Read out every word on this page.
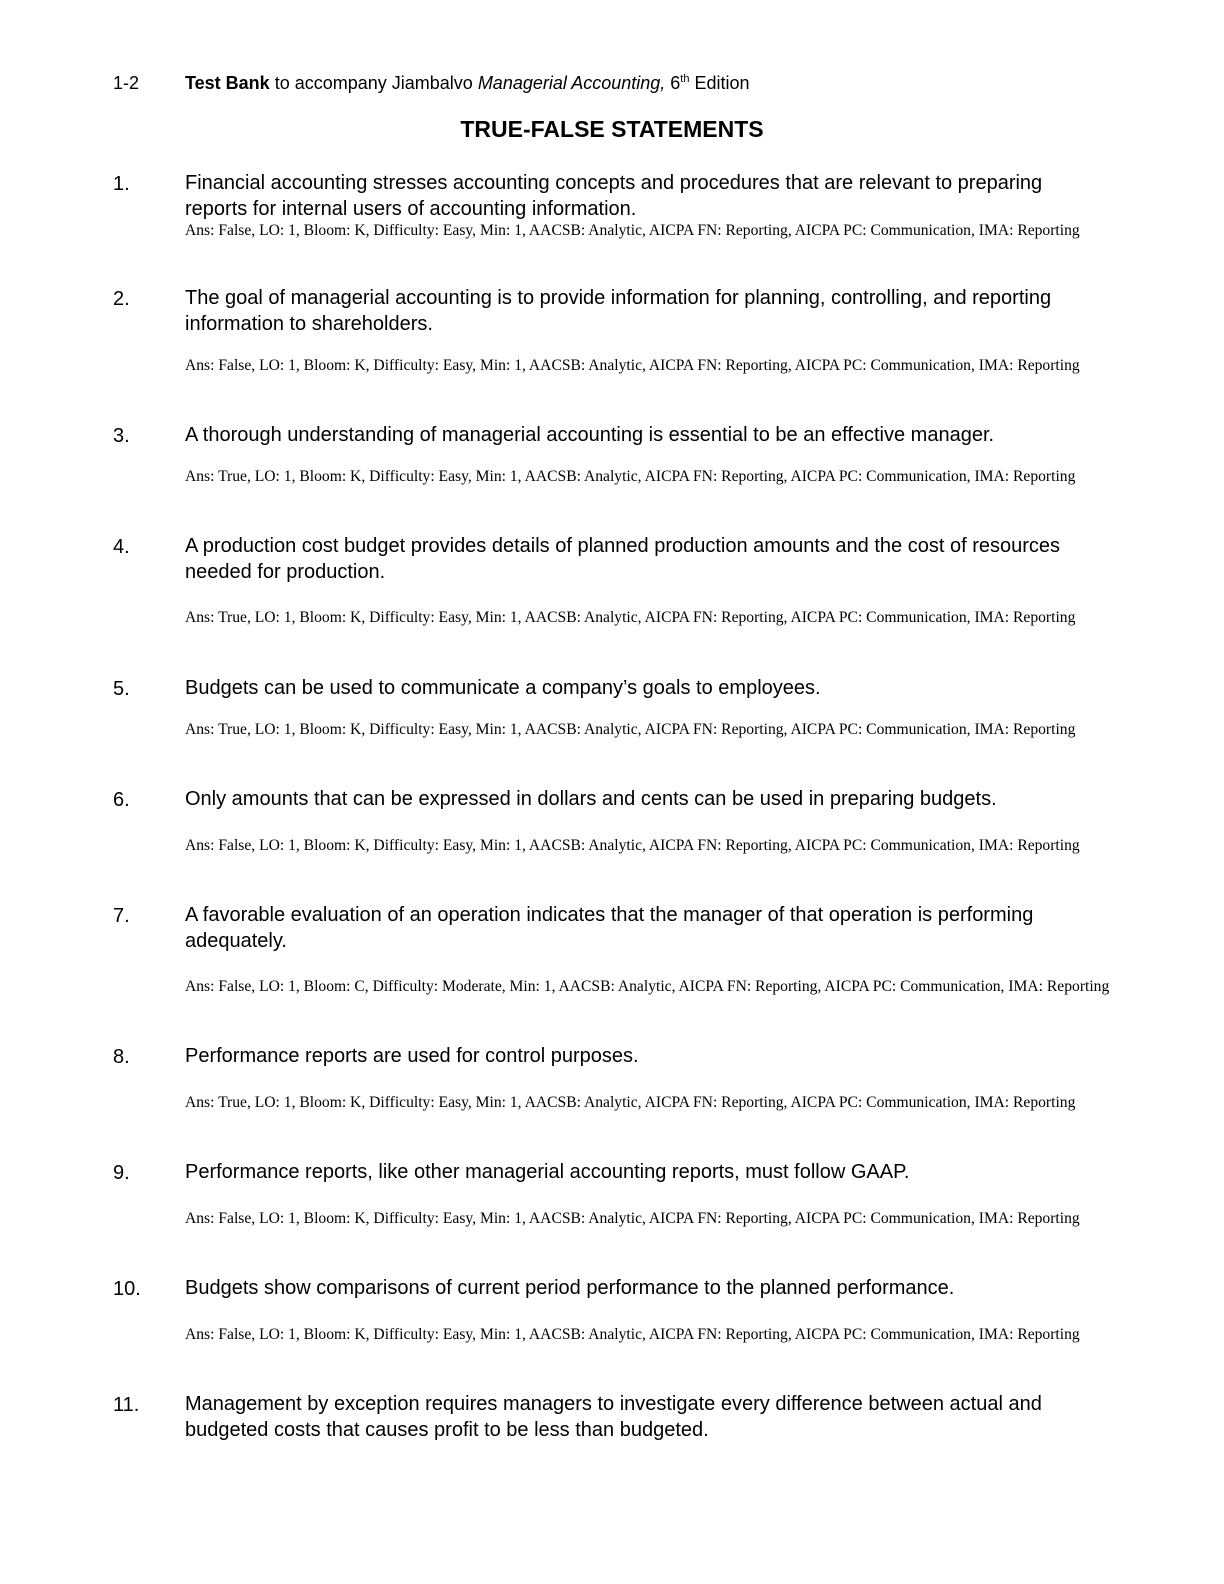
1-2	Test Bank to accompany Jiambalvo Managerial Accounting, 6th Edition
TRUE-FALSE STATEMENTS
1.	Financial accounting stresses accounting concepts and procedures that are relevant to preparing reports for internal users of accounting information.
Ans: False, LO: 1, Bloom: K, Difficulty: Easy, Min: 1, AACSB: Analytic, AICPA FN: Reporting, AICPA PC: Communication, IMA: Reporting
2.	The goal of managerial accounting is to provide information for planning, controlling, and reporting information to shareholders.
Ans: False, LO: 1, Bloom: K, Difficulty: Easy, Min: 1, AACSB: Analytic, AICPA FN: Reporting, AICPA PC: Communication, IMA: Reporting
3.	A thorough understanding of managerial accounting is essential to be an effective manager.
Ans: True, LO: 1, Bloom: K, Difficulty: Easy, Min: 1, AACSB: Analytic, AICPA FN: Reporting, AICPA PC: Communication, IMA: Reporting
4.	A production cost budget provides details of planned production amounts and the cost of resources needed for production.
Ans: True, LO: 1, Bloom: K, Difficulty: Easy, Min: 1, AACSB: Analytic, AICPA FN: Reporting, AICPA PC: Communication, IMA: Reporting
5.	Budgets can be used to communicate a company’s goals to employees.
Ans: True, LO: 1, Bloom: K, Difficulty: Easy, Min: 1, AACSB: Analytic, AICPA FN: Reporting, AICPA PC: Communication, IMA: Reporting
6.	Only amounts that can be expressed in dollars and cents can be used in preparing budgets.
Ans: False, LO: 1, Bloom: K, Difficulty: Easy, Min: 1, AACSB: Analytic, AICPA FN: Reporting, AICPA PC: Communication, IMA: Reporting
7.	A favorable evaluation of an operation indicates that the manager of that operation is performing adequately.
Ans: False, LO: 1, Bloom: C, Difficulty: Moderate, Min: 1, AACSB: Analytic, AICPA FN: Reporting, AICPA PC: Communication, IMA: Reporting
8.	Performance reports are used for control purposes.
Ans: True, LO: 1, Bloom: K, Difficulty: Easy, Min: 1, AACSB: Analytic, AICPA FN: Reporting, AICPA PC: Communication, IMA: Reporting
9.	Performance reports, like other managerial accounting reports, must follow GAAP.
Ans: False, LO: 1, Bloom: K, Difficulty: Easy, Min: 1, AACSB: Analytic, AICPA FN: Reporting, AICPA PC: Communication, IMA: Reporting
10. Budgets show comparisons of current period performance to the planned performance.
Ans: False, LO: 1, Bloom: K, Difficulty: Easy, Min: 1, AACSB: Analytic, AICPA FN: Reporting, AICPA PC: Communication, IMA: Reporting
11. Management by exception requires managers to investigate every difference between actual and budgeted costs that causes profit to be less than budgeted.
